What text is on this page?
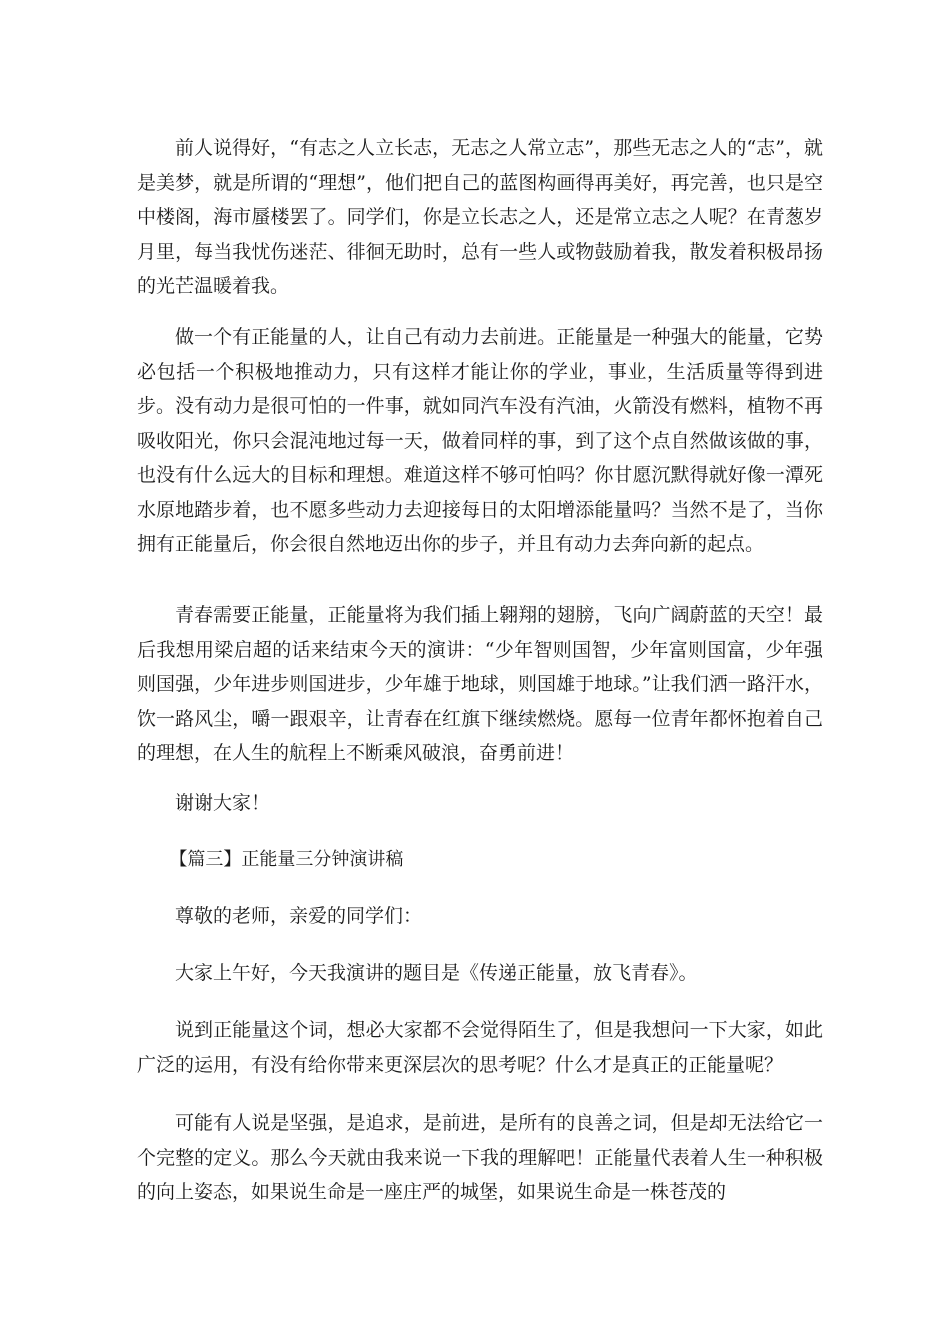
前人说得好，“有志之人立长志，无志之人常立志”，那些无志之人的“志”，就是美梦，就是所谓的“理想”，他们把自己的蓝图构画得再美好，再完善，也只是空中楼阁，海市蜃楼罢了。同学们，你是立长志之人，还是常立志之人呢？在青葱岁月里，每当我忧伤迷茫、徘徊无助时，总有一些人或物鼓励着我，散发着积极昂扬的光芒温暖着我。

做一个有正能量的人，让自己有动力去前进。正能量是一种强大的能量，它势必包括一个积极地推动力，只有这样才能让你的学业，事业，生活质量等得到进步。没有动力是很可怕的一件事，就如同汽车没有汽油，火箭没有燃料，植物不再吸收阳光，你只会混沌地过每一天，做着同样的事，到了这个点自然做该做的事，也没有什么远大的目标和理想。难道这样不够可怕吗？你甘愿沉默得就好像一潭死水原地踏步着，也不愿多些动力去迎接每日的太阳增添能量吗？当然不是了，当你拥有正能量后，你会很自然地迈出你的步子，并且有动力去奔向新的起点。

青春需要正能量，正能量将为我们插上翱翔的翅膀，飞向广阔蔚蓝的天空！最后我想用梁启超的话来结束今天的演讲：“少年智则国智，少年富则国富，少年强则国强，少年进步则国进步，少年雄于地球，则国雄于地球。”让我们洒一路汗水，饮一路风尘，嚼一跟艰辛，让青春在红旗下继续燃烧。愿每一位青年都怀抱着自己的理想，在人生的航程上不断乘风破浪，奋勇前进！

谢谢大家！

【篇三】正能量三分钟演讲稿

尊敬的老师，亲爱的同学们：

大家上午好，今天我演讲的题目是《传递正能量，放飞青春》。

说到正能量这个词，想必大家都不会觉得陌生了，但是我想问一下大家，如此广泛的运用，有没有给你带来更深层次的思考呢？什么才是真正的正能量呢？

可能有人说是坚强，是追求，是前进，是所有的良善之词，但是却无法给它一个完整的定义。那么今天就由我来说一下我的理解吧！正能量代表着人生一种积极的向上姿态，如果说生命是一座庄严的城堡，如果说生命是一株苍茂的
